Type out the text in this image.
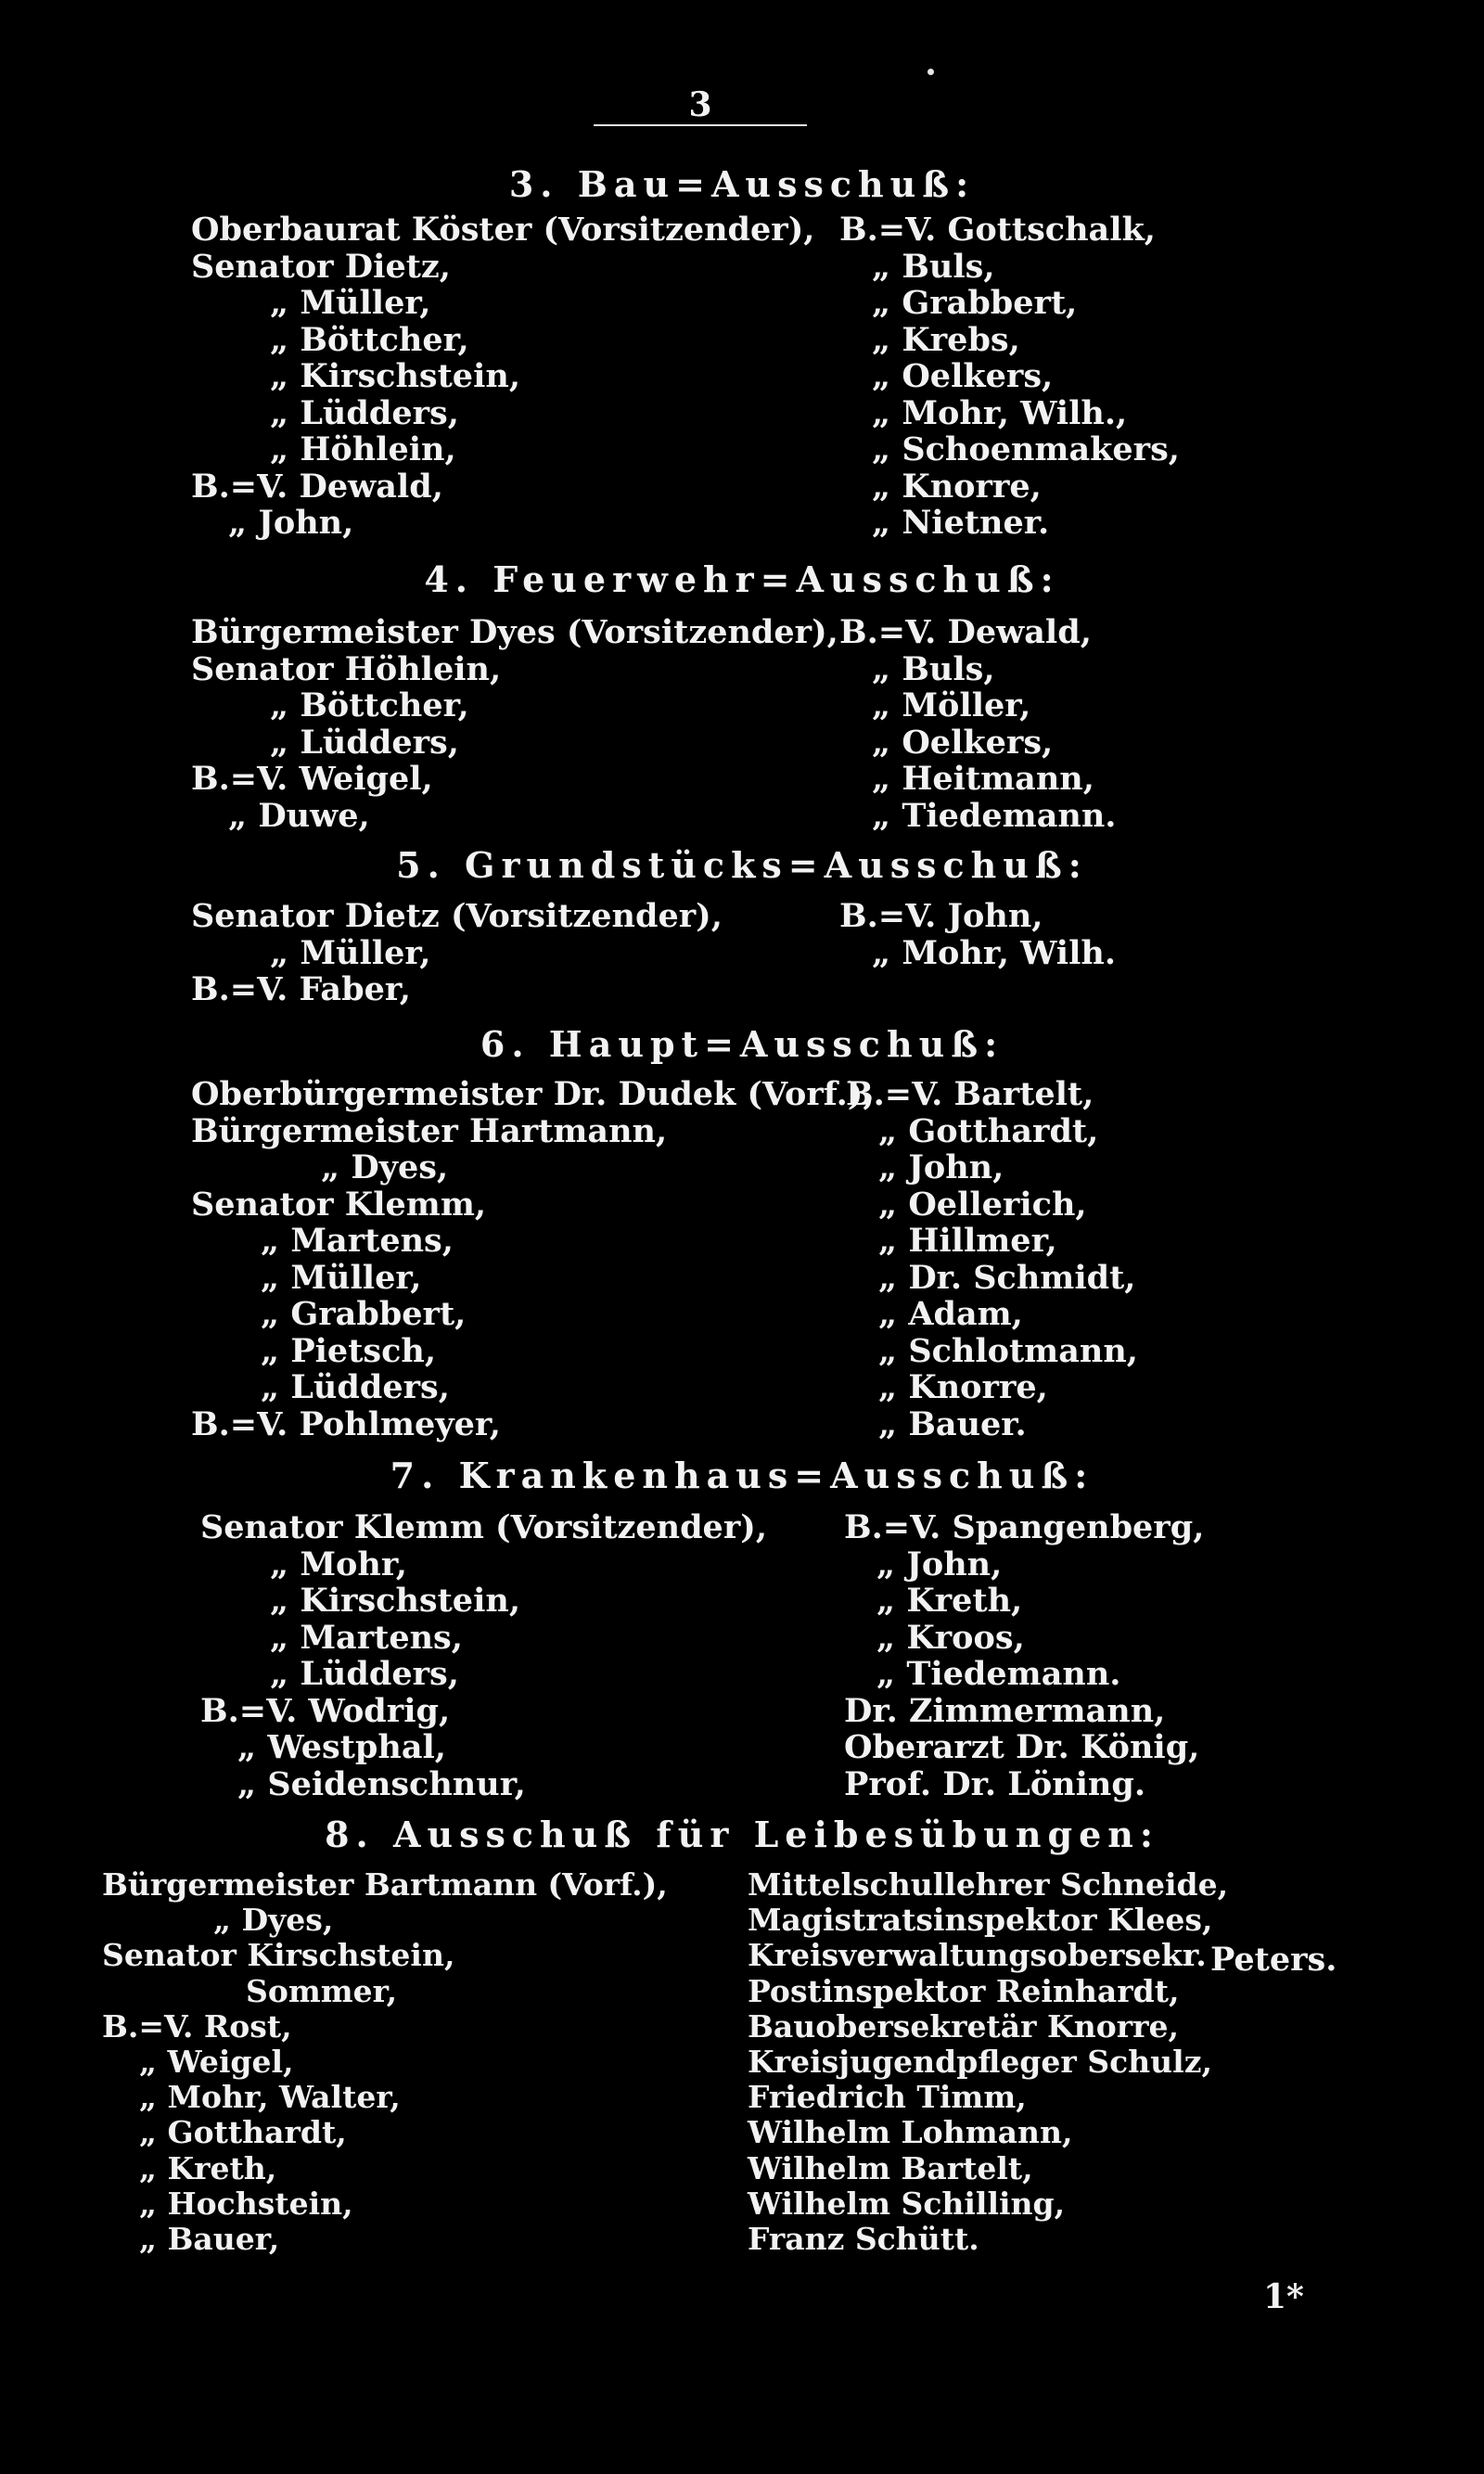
3
3. Bau=Ausschuß:
Oberbaurat Köster (Vorsitzender),
Senator Dietz,
„ Müller,
„ Böttcher,
„ Kirschstein,
„ Lüdders,
„ Höhlein,
B.=V. Dewald,
„ John,
B.=V. Gottschalk,
„ Buls,
„ Grabbert,
„ Krebs,
„ Oelkers,
„ Mohr, Wilh.,
„ Schoenmakers,
„ Knorre,
„ Nietner.
4. Feuerwehr=Ausschuß:
Bürgermeister Dyes (Vorsitzender),
Senator Höhlein,
„ Böttcher,
„ Lüdders,
B.=V. Weigel,
„ Duwe,
B.=V. Dewald,
„ Buls,
„ Möller,
„ Oelkers,
„ Heitmann,
„ Tiedemann.
5. Grundstücks=Ausschuß:
Senator Dietz (Vorsitzender),
„ Müller,
B.=V. Faber,
B.=V. John,
„ Mohr, Wilh.
6. Haupt=Ausschuß:
Oberbürgermeister Dr. Dudek (Vorf.),
Bürgermeister Hartmann,
„ Dyes,
Senator Klemm,
„ Martens,
„ Müller,
„ Grabbert,
„ Pietsch,
„ Lüdders,
B.=V. Pohlmeyer,
B.=V. Bartelt,
„ Gotthardt,
„ John,
„ Oellerich,
„ Hillmer,
„ Dr. Schmidt,
„ Adam,
„ Schlotmann,
„ Knorre,
„ Bauer.
7. Krankenhaus=Ausschuß:
Senator Klemm (Vorsitzender),
„ Mohr,
„ Kirschstein,
„ Martens,
„ Lüdders,
B.=V. Wodrig,
„ Westphal,
„ Seidenschnur,
B.=V. Spangenberg,
„ John,
„ Kreth,
„ Kroos,
„ Tiedemann.
Dr. Zimmermann,
Oberarzt Dr. König,
Prof. Dr. Löning.
8. Ausschuß für Leibesübungen:
Bürgermeister Bartmann (Vorf.),
„ Dyes,
Senator Kirschstein,
Sommer,
B.=V. Rost,
„ Weigel,
„ Mohr, Walter,
„ Gotthardt,
„ Kreth,
„ Hochstein,
„ Bauer,
Mittelschullehrer Schneide,
Magistratsinspektor Klees,
Kreisverwaltungsobersekr.
Postinspektor Reinhardt,
Bauobersekretär Knorre,
Kreisjugendpfleger Schulz,
Friedrich Timm,
Wilhelm Lohmann,
Wilhelm Bartelt,
Wilhelm Schilling,
Franz Schütt.
Peters.
1*
